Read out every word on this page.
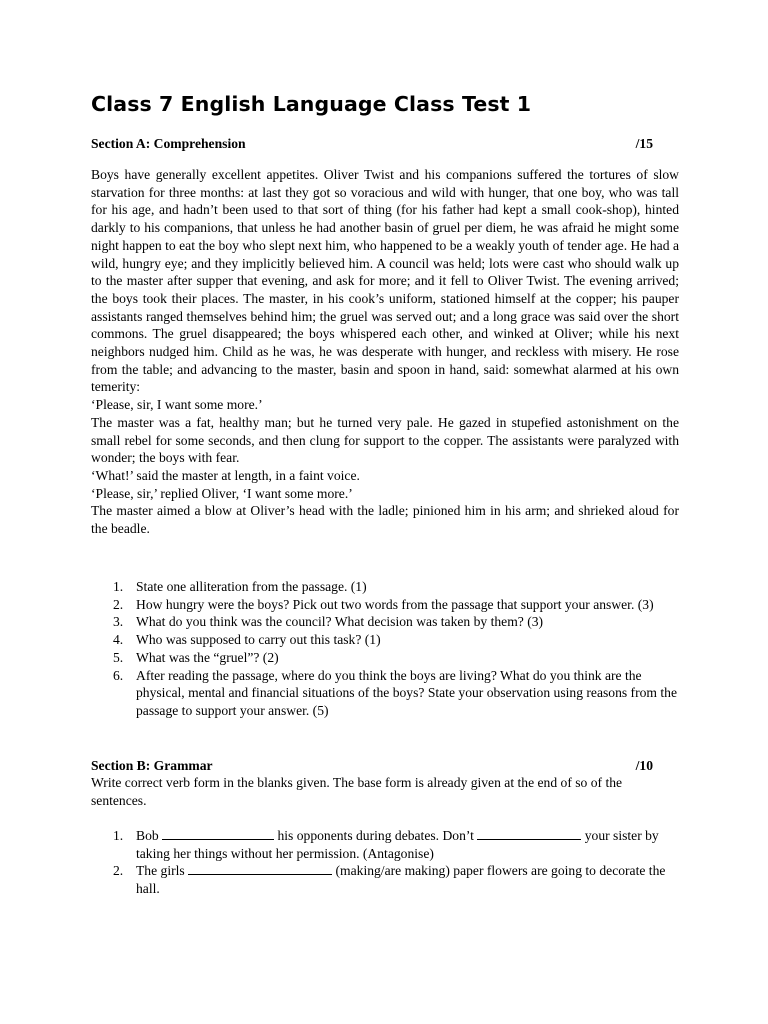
Class 7 English Language Class Test 1
Section A: Comprehension	/15

Boys have generally excellent appetites. Oliver Twist and his companions suffered the tortures of slow starvation for three months: at last they got so voracious and wild with hunger, that one boy, who was tall for his age, and hadn’t been used to that sort of thing (for his father had kept a small cook-shop), hinted darkly to his companions, that unless he had another basin of gruel per diem, he was afraid he might some night happen to eat the boy who slept next him, who happened to be a weakly youth of tender age. He had a wild, hungry eye; and they implicitly believed him. A council was held; lots were cast who should walk up to the master after supper that evening, and ask for more; and it fell to Oliver Twist. The evening arrived; the boys took their places. The master, in his cook’s uniform, stationed himself at the copper; his pauper assistants ranged themselves behind him; the gruel was served out; and a long grace was said over the short commons. The gruel disappeared; the boys whispered each other, and winked at Oliver; while his next neighbors nudged him. Child as he was, he was desperate with hunger, and reckless with misery. He rose from the table; and advancing to the master, basin and spoon in hand, said: somewhat alarmed at his own temerity:

‘Please, sir, I want some more.’

The master was a fat, healthy man; but he turned very pale. He gazed in stupefied astonishment on the small rebel for some seconds, and then clung for support to the copper. The assistants were paralyzed with wonder; the boys with fear.

‘What!’ said the master at length, in a faint voice.

‘Please, sir,’ replied Oliver, ‘I want some more.’

The master aimed a blow at Oliver’s head with the ladle; pinioned him in his arm; and shrieked aloud for the beadle.

1. State one alliteration from the passage. (1)
2. How hungry were the boys? Pick out two words from the passage that support your answer. (3)
3. What do you think was the council? What decision was taken by them? (3)
4. Who was supposed to carry out this task? (1)
5. What was the “gruel”? (2)
6. After reading the passage, where do you think the boys are living? What do you think are the physical, mental and financial situations of the boys? State your observation using reasons from the passage to support your answer. (5)
Section B: Grammar	/10
Write correct verb form in the blanks given. The base form is already given at the end of so of the sentences.
1. Bob	his opponents during debates. Don’t	your sister by taking her things without her permission. (Antagonise)
2. The girls	(making/are making) paper flowers are going to decorate the hall.
